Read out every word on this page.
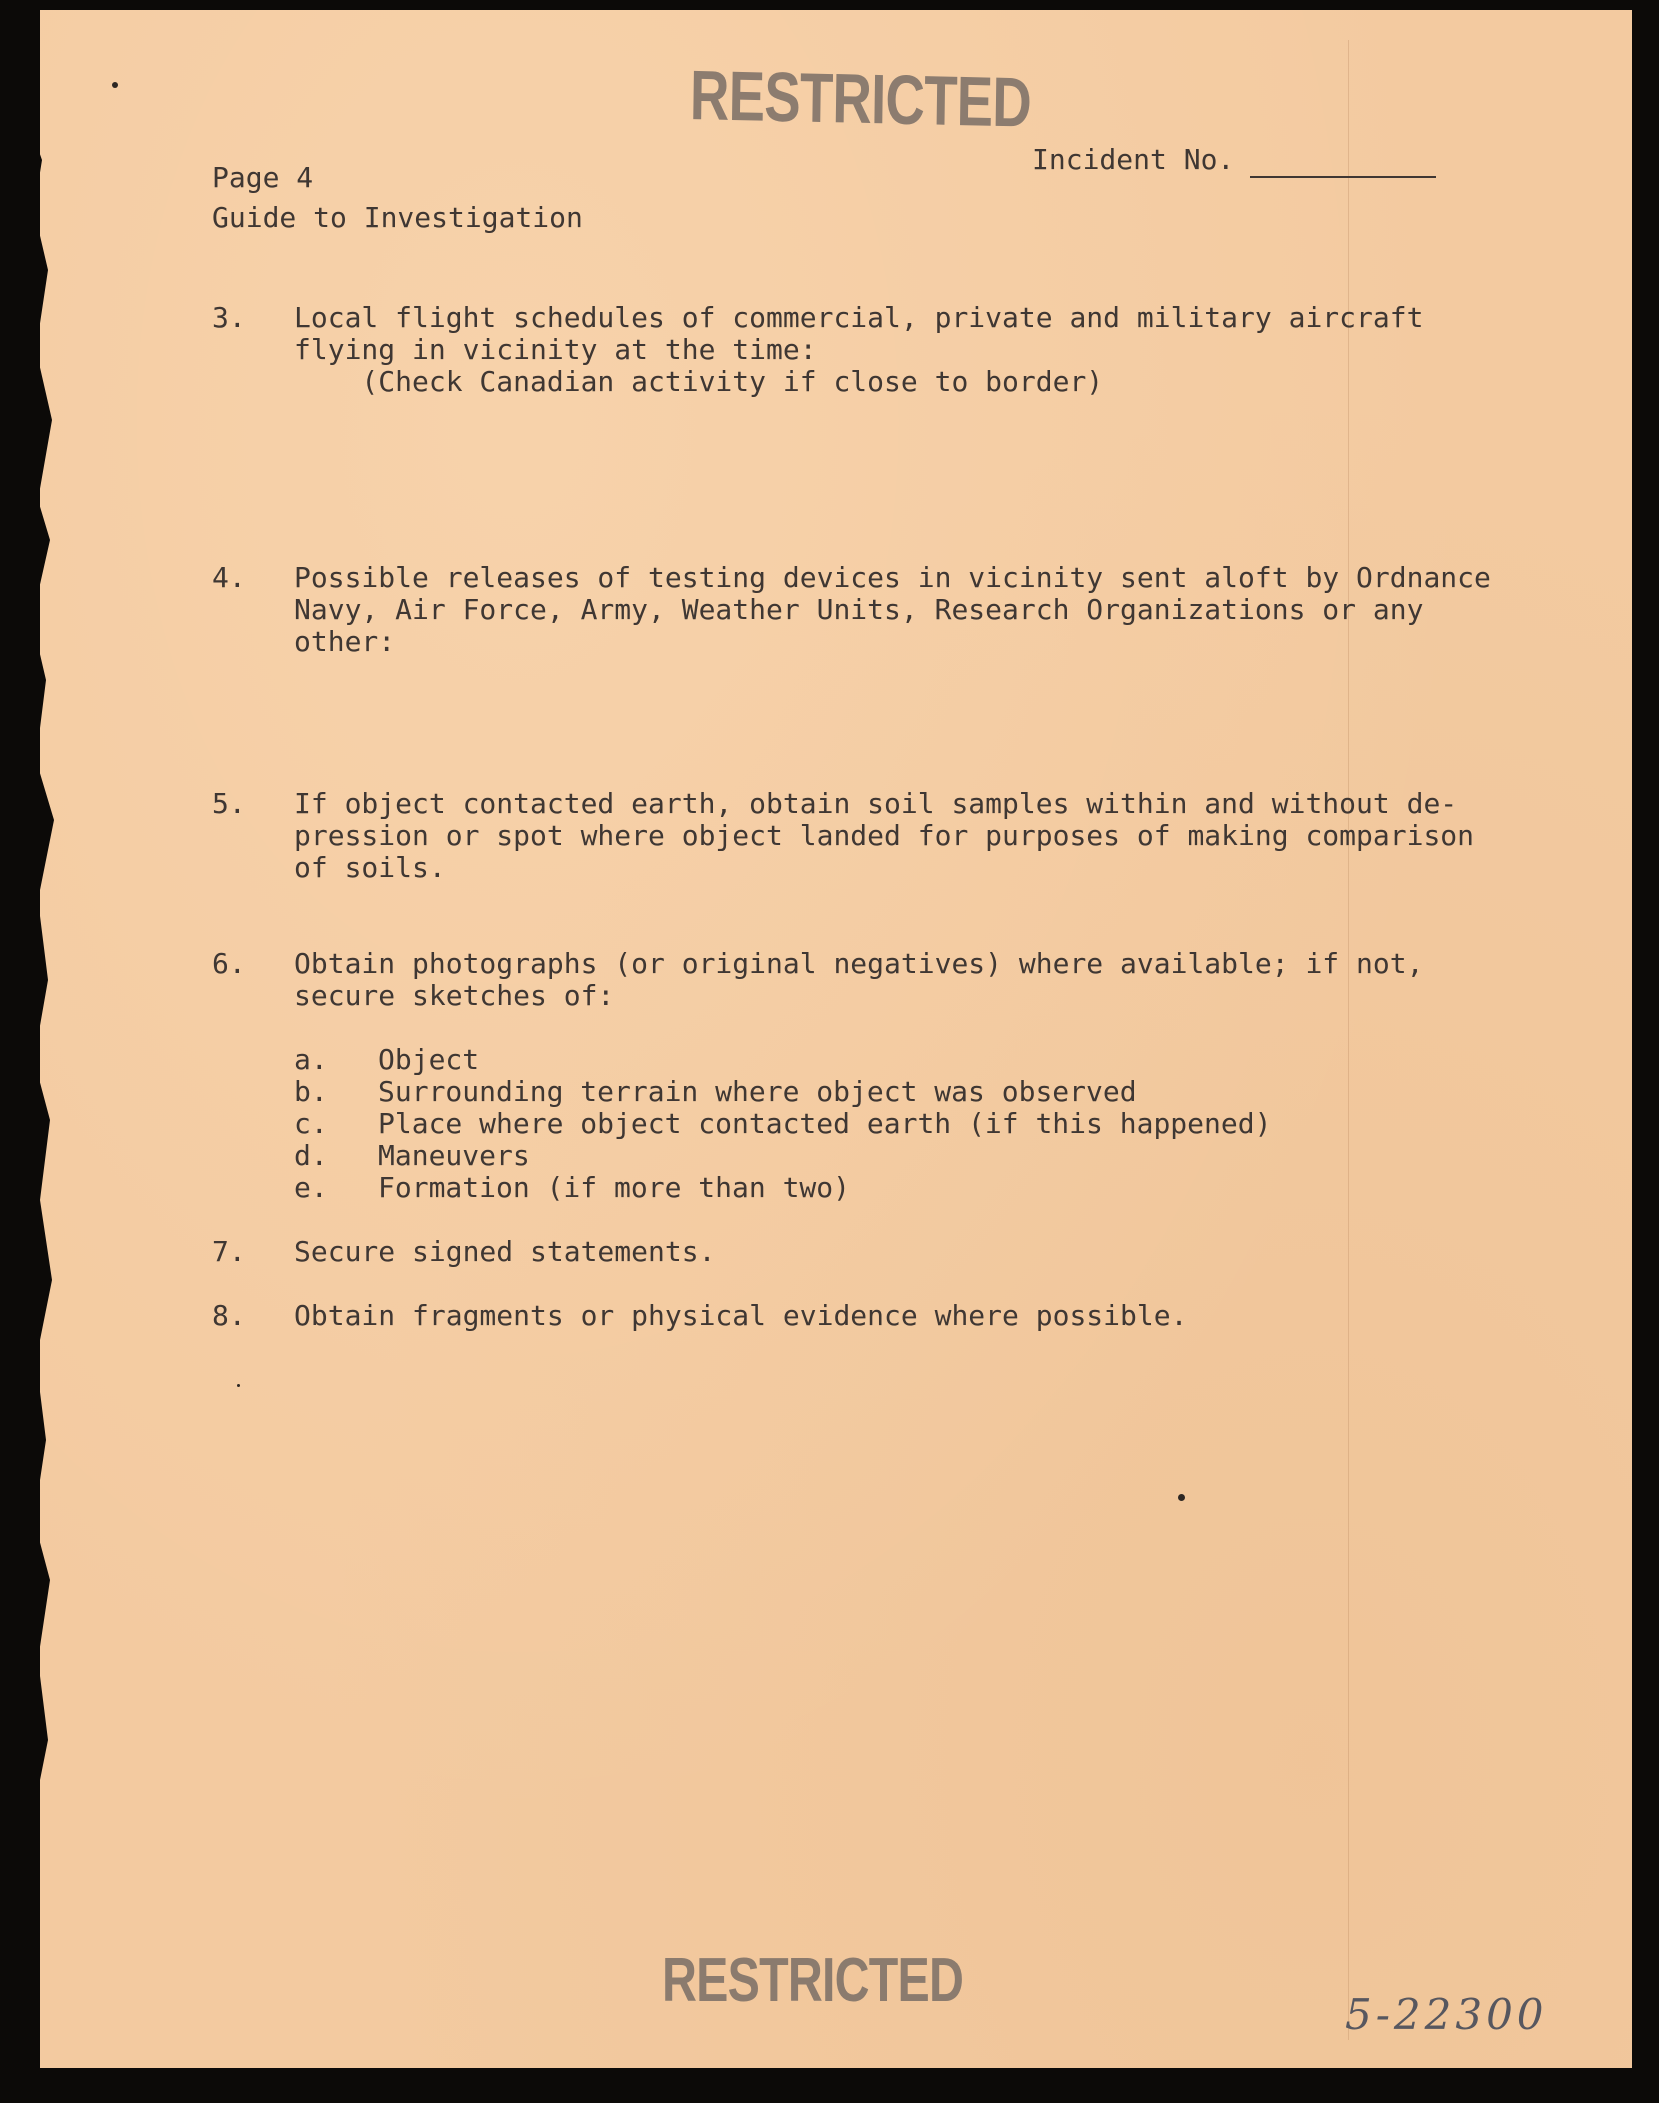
RESTRICTED
Incident No.
Page 4
Guide to Investigation
3. Local flight schedules of commercial, private and military aircraft
flying in vicinity at the time:
(Check Canadian activity if close to border)
4. Possible releases of testing devices in vicinity sent aloft by Ordnance
Navy, Air Force, Army, Weather Units, Research Organizations or any
other:
5. If object contacted earth, obtain soil samples within and without de-
pression or spot where object landed for purposes of making comparison
of soils.
6. Obtain photographs (or original negatives) where available; if not,
secure sketches of:
a. Object
b. Surrounding terrain where object was observed
c. Place where object contacted earth (if this happened)
d. Maneuvers
e. Formation (if more than two)
7. Secure signed statements.
8. Obtain fragments or physical evidence where possible.
RESTRICTED	5-22300
